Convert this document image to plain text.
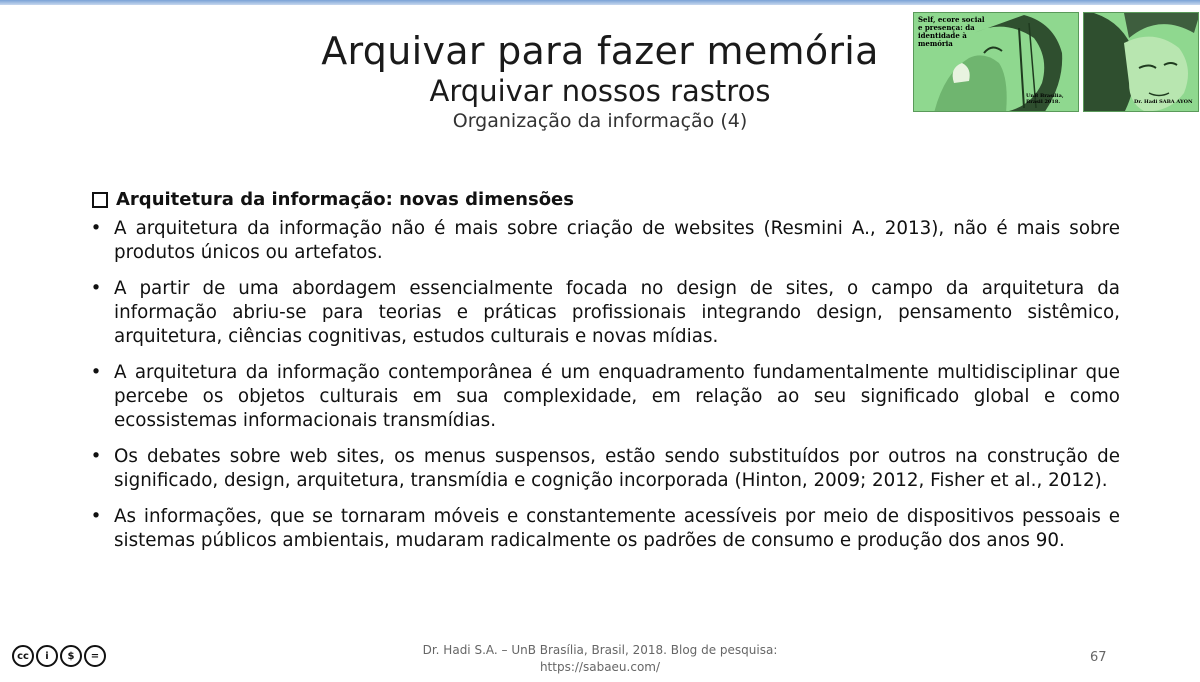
Arquivar para fazer memória
Arquivar nossos rastros
Organização da informação (4)
Self, ecore social e presença: da identidade à memória
UnB Brasília, Brasil 2018.	Dr. Hadi SABA AYON
Arquitetura da informação: novas dimensões
• A arquitetura da informação não é mais sobre criação de websites (Resmini A., 2013), não é mais sobre produtos únicos ou artefatos.
• A partir de uma abordagem essencialmente focada no design de sites, o campo da arquitetura da informação abriu-se para teorias e práticas profissionais integrando design, pensamento sistêmico, arquitetura, ciências cognitivas, estudos culturais e novas mídias.
• A arquitetura da informação contemporânea é um enquadramento fundamentalmente multidisciplinar que percebe os objetos culturais em sua complexidade, em relação ao seu significado global e como ecossistemas informacionais transmídias.
• Os debates sobre web sites, os menus suspensos, estão sendo substituídos por outros na construção de significado, design, arquitetura, transmídia e cognição incorporada (Hinton, 2009; 2012, Fisher et al., 2012).
• As informações, que se tornaram móveis e constantemente acessíveis por meio de dispositivos pessoais e sistemas públicos ambientais, mudaram radicalmente os padrões de consumo e produção dos anos 90.
cc	i	$	=	Dr. Hadi S.A. – UnB Brasília, Brasil, 2018. Blog de pesquisa:
https://sabaeu.com/
67
